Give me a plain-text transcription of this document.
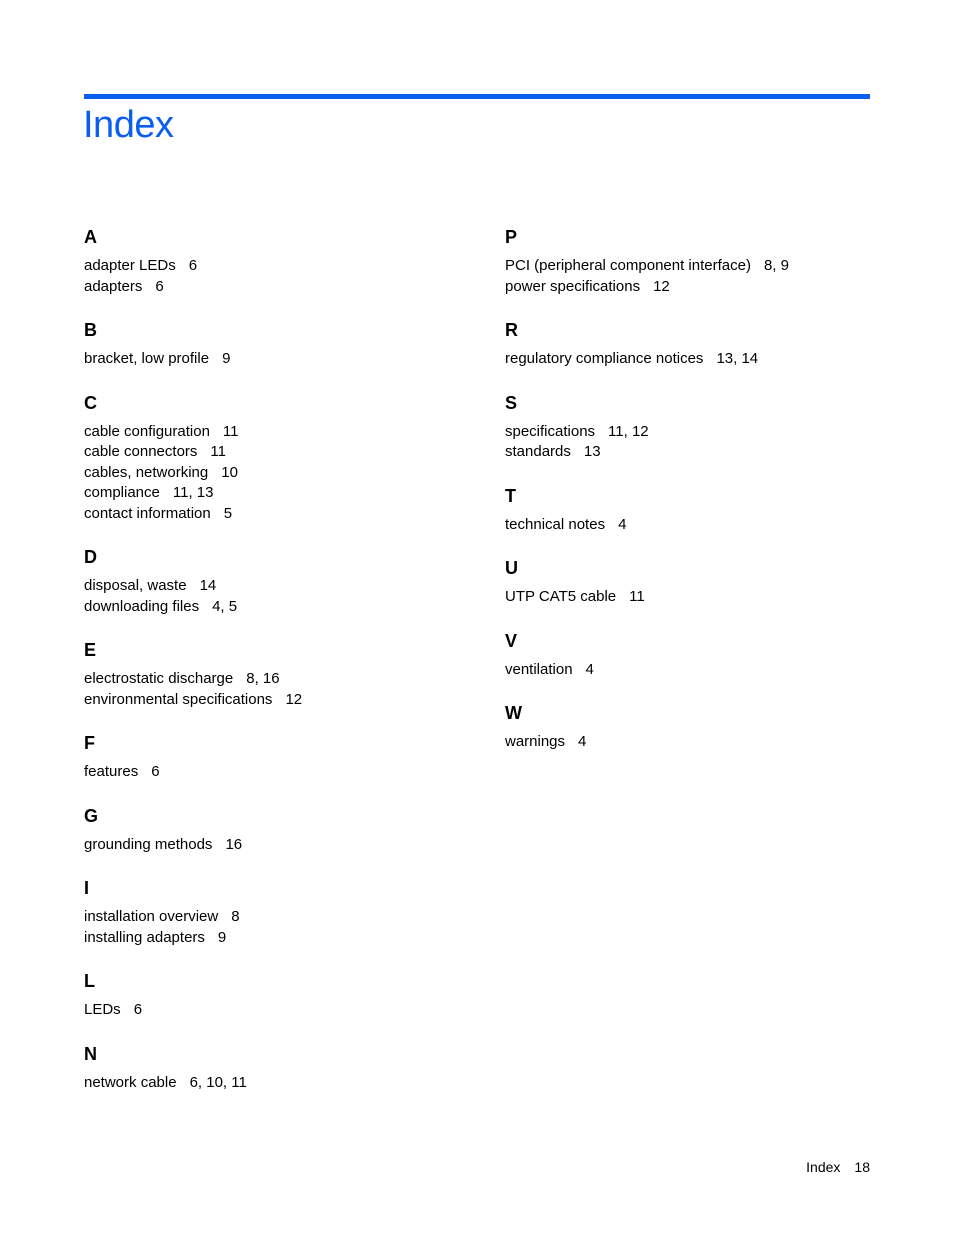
Index
A
adapter LEDs 6
adapters 6
B
bracket, low profile 9
C
cable configuration 11
cable connectors 11
cables, networking 10
compliance 11, 13
contact information 5
D
disposal, waste 14
downloading files 4, 5
E
electrostatic discharge 8, 16
environmental specifications 12
F
features 6
G
grounding methods 16
I
installation overview 8
installing adapters 9
L
LEDs 6
N
network cable 6, 10, 11
P
PCI (peripheral component interface) 8, 9
power specifications 12
R
regulatory compliance notices 13, 14
S
specifications 11, 12
standards 13
T
technical notes 4
U
UTP CAT5 cable 11
V
ventilation 4
W
warnings 4
Index 18
